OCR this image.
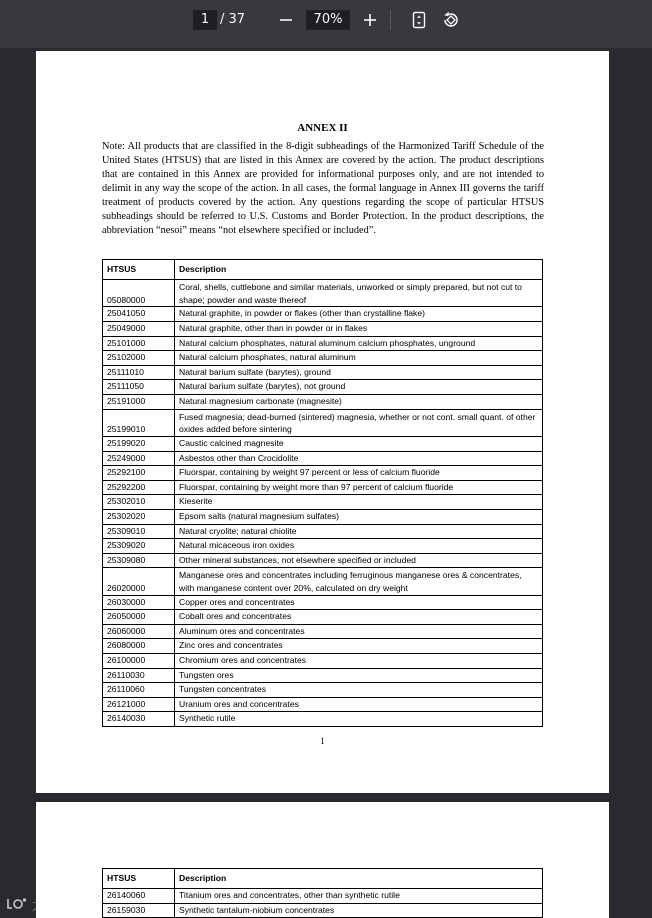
1 / 37	70%
ANNEX II
Note: All products that are classified in the 8-digit subheadings of the Harmonized Tariff Schedule of the United States (HTSUS) that are listed in this Annex are covered by the action. The product descriptions that are contained in this Annex are provided for informational purposes only, and are not intended to delimit in any way the scope of the action. In all cases, the formal language in Annex III governs the tariff treatment of products covered by the action. Any questions regarding the scope of particular HTSUS subheadings should be referred to U.S. Customs and Border Protection. In the product descriptions, the abbreviation “nesoi” means “not elsewhere specified or included”.
HTSUS	Description
05080000	Coral, shells, cuttlebone and similar materials, unworked or simply prepared, but not cut to shape; powder and waste thereof
25041050	Natural graphite, in powder or flakes (other than crystalline flake)
25049000	Natural graphite, other than in powder or in flakes
25101000	Natural calcium phosphates, natural aluminum calcium phosphates, unground
25102000	Natural calcium phosphates, natural aluminum
25111010	Natural barium sulfate (barytes), ground
25111050	Natural barium sulfate (barytes), not ground
25191000	Natural magnesium carbonate (magnesite)
25199010	Fused magnesia; dead-burned (sintered) magnesia, whether or not cont. small quant. of other oxides added before sintering
25199020	Caustic calcined magnesite
25249000	Asbestos other than Crocidolite
25292100	Fluorspar, containing by weight 97 percent or less of calcium fluoride
25292200	Fluorspar, containing by weight more than 97 percent of calcium fluoride
25302010	Kieserite
25302020	Epsom salts (natural magnesium sulfates)
25309010	Natural cryolite; natural chiolite
25309020	Natural micaceous iron oxides
25309080	Other mineral substances, not elsewhere specified or included
26020000	Manganese ores and concentrates including ferruginous manganese ores & concentrates, with manganese content over 20%, calculated on dry weight
26030000	Copper ores and concentrates
26050000	Cobalt ores and concentrates
26060000	Aluminum ores and concentrates
26080000	Zinc ores and concentrates
26100000	Chromium ores and concentrates
26110030	Tungsten ores
26110060	Tungsten concentrates
26121000	Uranium ores and concentrates
26140030	Synthetic rutile
1
HTSUS	Description
26140060	Titanium ores and concentrates, other than synthetic rutile
26159030	Synthetic tantalum-niobium concentrates
太阳粉喵
